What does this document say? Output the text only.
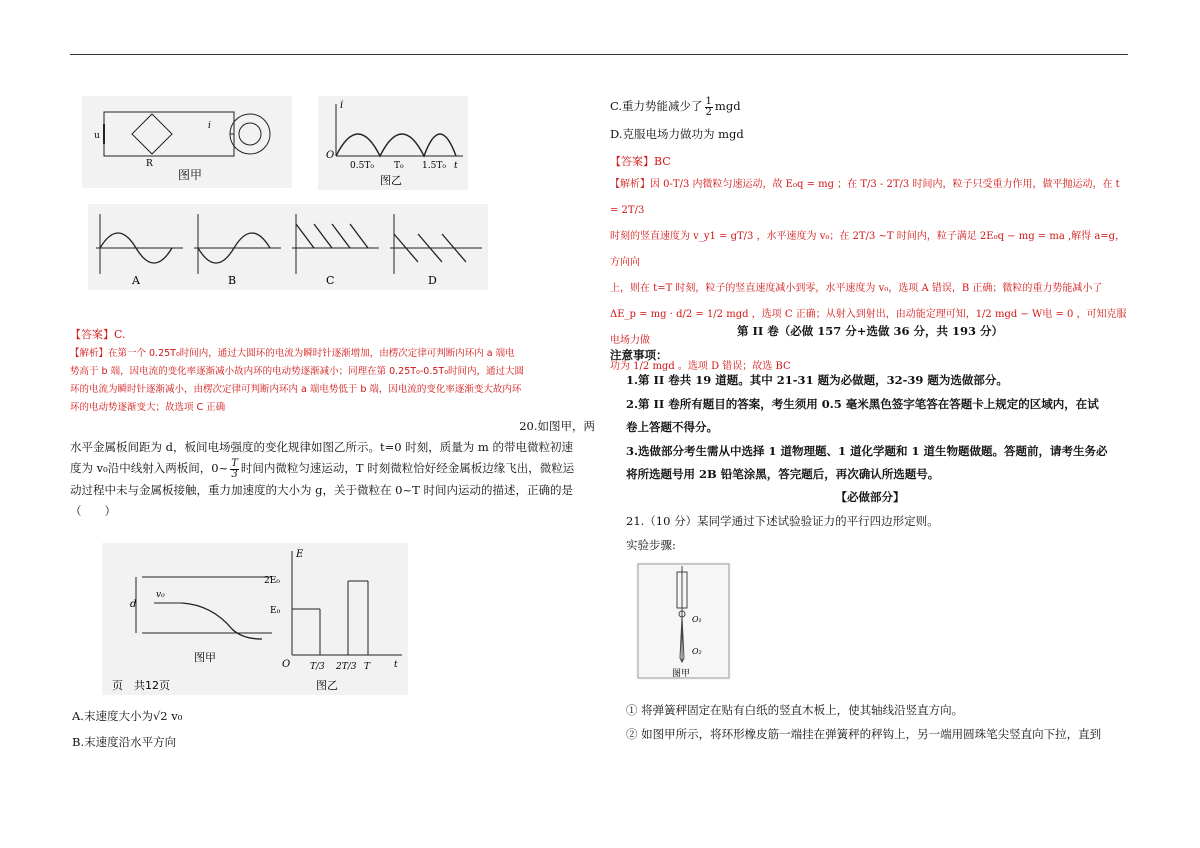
u
i
R
图甲
O
i
0.5T₀ T₀ 1.5T₀ t
图乙
A	B	C	D
【答案】C.
【解析】在第一个 0.25T₀时间内，通过大圆环的电流为瞬时针逐渐增加，由楞次定律可判断内环内 a 端电
势高于 b 端，因电流的变化率逐渐减小故内环的电动势逐渐减小；同理在第 0.25T₀-0.5T₀时间内，通过大圆
环的电流为瞬时针逐渐减小，由楞次定律可判断内环内 a 端电势低于 b 端，因电流的变化率逐渐变大故内环
环的电动势逐渐变大；故选项 C 正确
20.如图甲，两
水平金属板间距为 d，板间电场强度的变化规律如图乙所示。t=0 时刻，质量为 m 的带电微粒初速
度为 v₀沿中线射入两板间，0~ $\frac{T}{3}$ 时间内微粒匀速运动，T 时刻微粒恰好经金属板边缘飞出，微粒运
动过程中未与金属板接触，重力加速度的大小为 g，关于微粒在 0~T 时间内运动的描述，正确的是
（　　）
d
v₀
图甲
E
2E₀
E₀
O T/3 2T/3 T	t
图乙
页　共12页
A.末速度大小为√2 v₀
B.末速度沿水平方向
C.重力势能减少了 $\frac{1}{2}$ mgd
D.克服电场力做功为 mgd
【答案】BC
【解析】因 0-T/3 内微粒匀速运动，故 E₀q = mg ；在 T/3 - 2T/3 时间内，粒子只受重力作用，做平抛运动，在 t = 2T/3
时刻的竖直速度为 v_y1 = gT/3 ，水平速度为 v₀；在 2T/3 ~T 时间内，粒子满足 2E₀q − mg = ma ,解得 a=g，方向向
上，则在 t=T 时刻，粒子的竖直速度减小到零，水平速度为 v₀，选项 A 错误，B 正确；微粒的重力势能减小了
ΔE_p = mg · d/2 = 1/2 mgd ，选项 C 正确；从射入到射出，由动能定理可知，1/2 mgd − W电 = 0 ，可知克服电场力做
功为 1/2 mgd 。选项 D 错误；故选 BC
第 II 卷（必做 157 分+选做 36 分，共 193 分）
注意事项：
1.第 II 卷共 19 道题。其中 21-31 题为必做题，32-39 题为选做部分。
2.第 II 卷所有题目的答案，考生须用 0.5 毫米黑色签字笔答在答题卡上规定的区域内，在试
卷上答题不得分。
3.选做部分考生需从中选择 1 道物理题、1 道化学题和 1 道生物题做题。答题前，请考生务必
将所选题号用 2B 铅笔涂黑，答完题后，再次确认所选题号。
【必做部分】
21.（10 分）某同学通过下述试验验证力的平行四边形定则。
实验步骤:
O₁
O₂
图甲
① 将弹簧秤固定在贴有白纸的竖直木板上，使其轴线沿竖直方向。
② 如图甲所示，将环形橡皮筋一端挂在弹簧秤的秤钩上，另一端用圆珠笔尖竖直向下拉，直到
